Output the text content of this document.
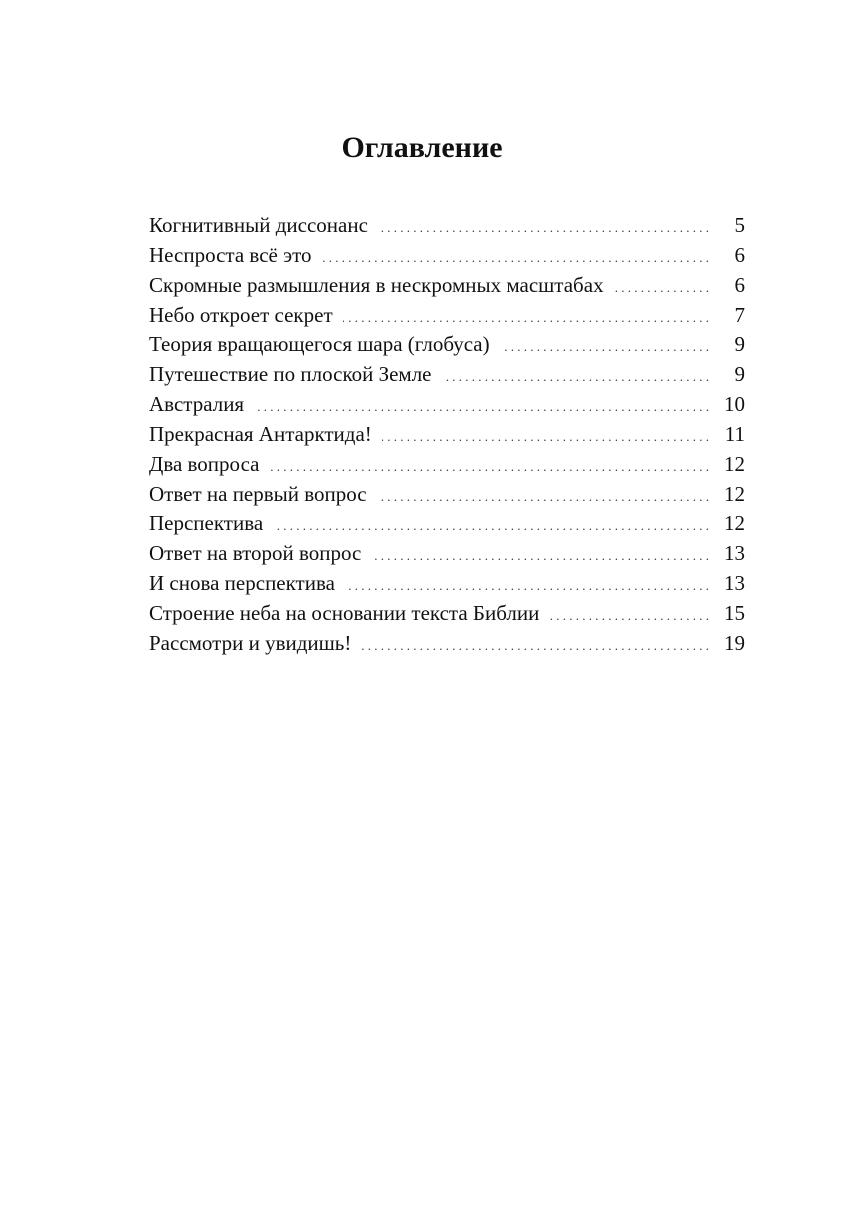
Оглавление
Когнитивный диссонанс . . .	5
Неспроста всё это . . .	6
Скромные размышления в нескромных масштабах . . .	6
Небо откроет секрет . . .	7
Теория вращающегося шара (глобуса) . . .	9
Путешествие по плоской Земле . . .	9
Австралия . . .	10
Прекрасная Антарктида! . . .	11
Два вопроса . . .	12
Ответ на первый вопрос . . .	12
Перспектива . . .	12
Ответ на второй вопрос . . .	13
И снова перспектива . . .	13
Строение неба на основании текста Библии . . .	15
Рассмотри и увидишь! . . .	19
